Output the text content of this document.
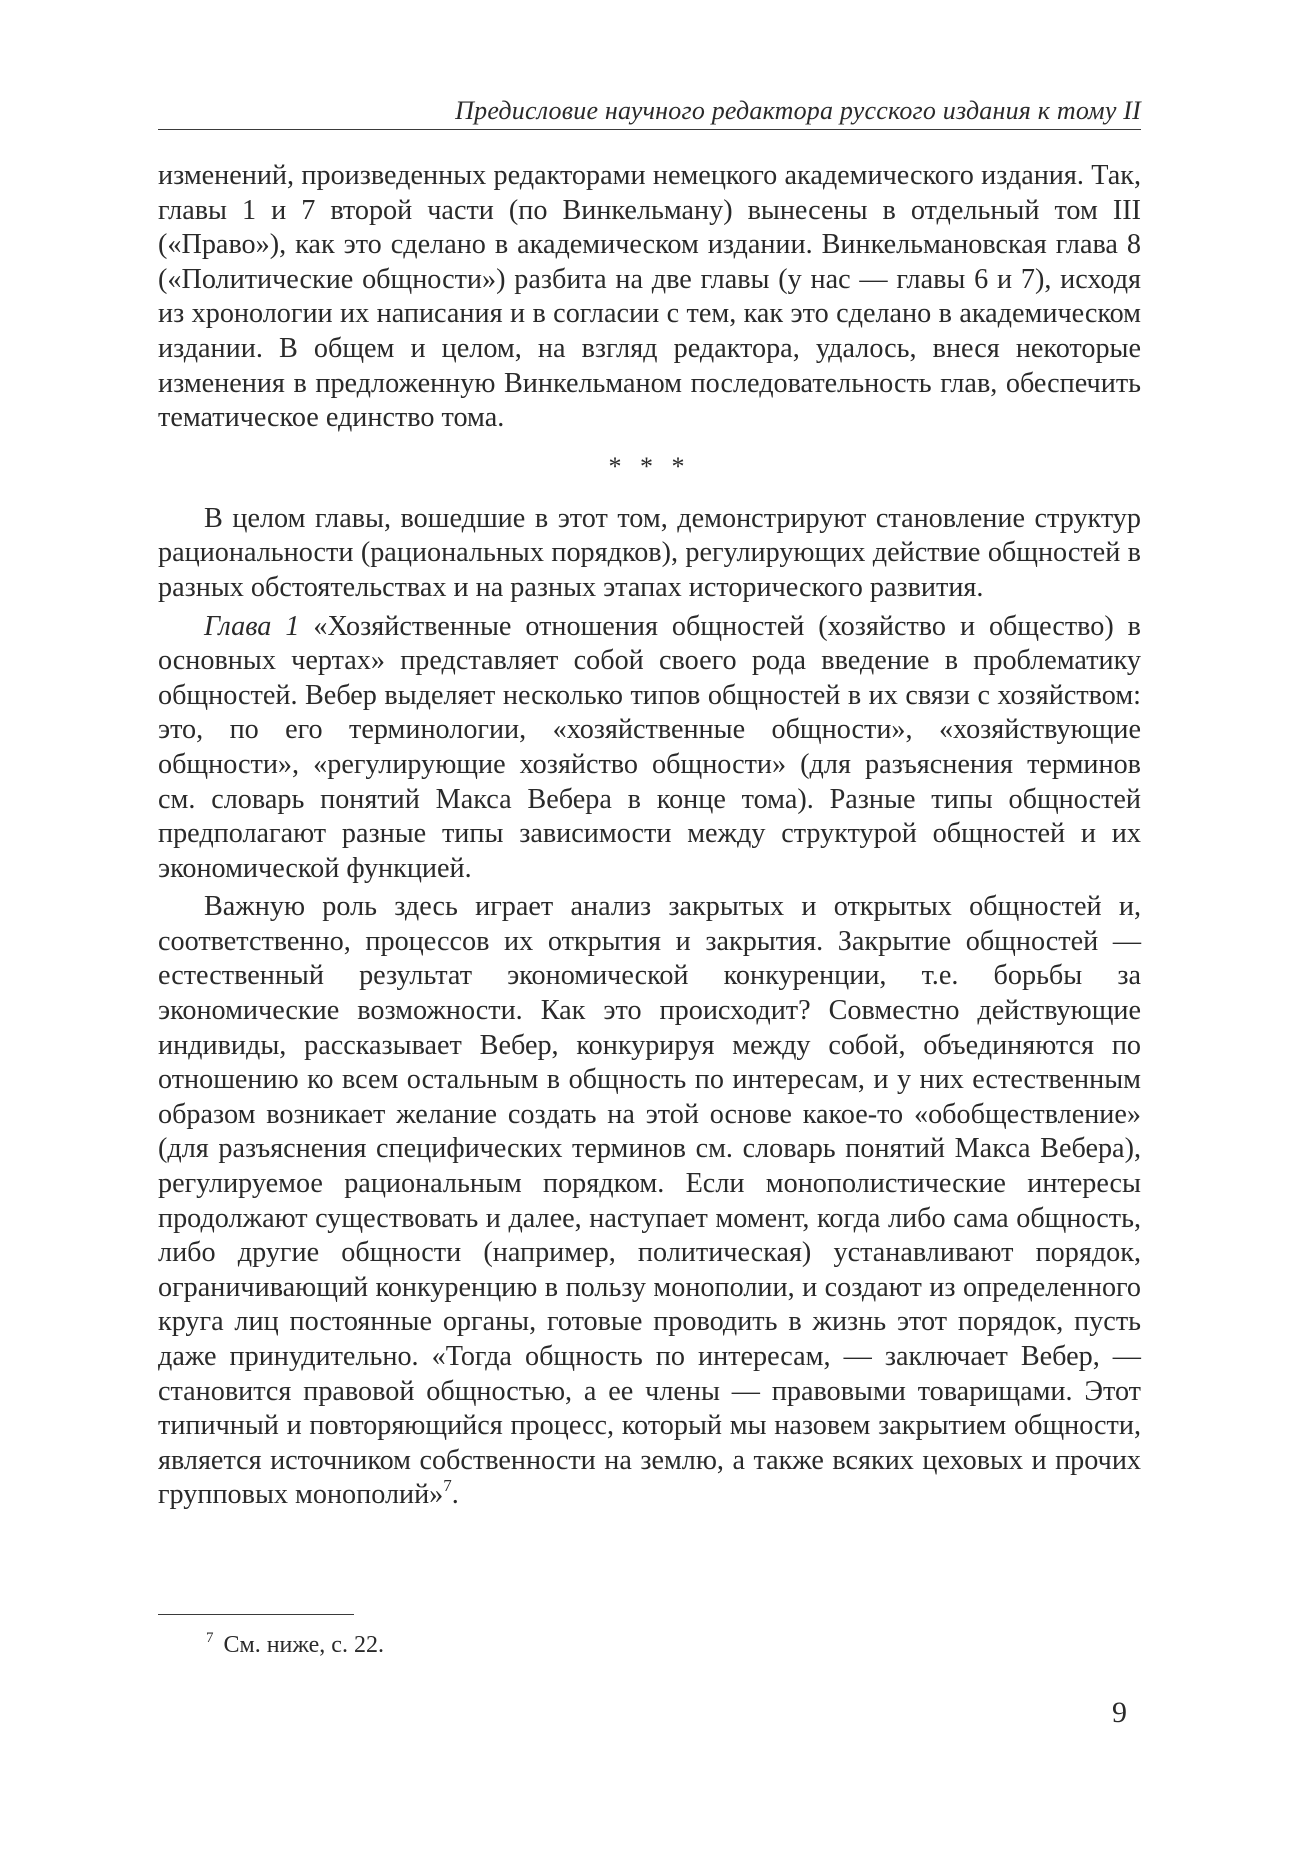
Предисловие научного редактора русского издания к тому II

изменений, произведенных редакторами немецкого академического издания. Так, главы 1 и 7 второй части (по Винкельману) вынесены в отдельный том III («Право»), как это сделано в академическом издании. Винкельмановская глава 8 («Политические общности») разбита на две главы (у нас — главы 6 и 7), исходя из хронологии их написания и в согласии с тем, как это сделано в академическом издании. В общем и целом, на взгляд редактора, удалось, внеся некоторые изменения в предложенную Винкельманом последовательность глав, обеспечить тематическое единство тома.

* * *

В целом главы, вошедшие в этот том, демонстрируют становление структур рациональности (рациональных порядков), регулирующих действие общностей в разных обстоятельствах и на разных этапах исторического развития.

Глава 1 «Хозяйственные отношения общностей (хозяйство и общество) в основных чертах» представляет собой своего рода введение в проблематику общностей. Вебер выделяет несколько типов общностей в их связи с хозяйством: это, по его терминологии, «хозяйственные общности», «хозяйствующие общности», «регулирующие хозяйство общности» (для разъяснения терминов см. словарь понятий Макса Вебера в конце тома). Разные типы общностей предполагают разные типы зависимости между структурой общностей и их экономической функцией.

Важную роль здесь играет анализ закрытых и открытых общностей и, соответственно, процессов их открытия и закрытия. Закрытие общностей — естественный результат экономической конкуренции, т.е. борьбы за экономические возможности. Как это происходит? Совместно действующие индивиды, рассказывает Вебер, конкурируя между собой, объединяются по отношению ко всем остальным в общность по интересам, и у них естественным образом возникает желание создать на этой основе какое-то «обобществление» (для разъяснения специфических терминов см. словарь понятий Макса Вебера), регулируемое рациональным порядком. Если монополистические интересы продолжают существовать и далее, наступает момент, когда либо сама общность, либо другие общности (например, политическая) устанавливают порядок, ограничивающий конкуренцию в пользу монополии, и создают из определенного круга лиц постоянные органы, готовые проводить в жизнь этот порядок, пусть даже принудительно. «Тогда общность по интересам, — заключает Вебер, — становится правовой общностью, а ее члены — правовыми товарищами. Этот типичный и повторяющийся процесс, который мы назовем закрытием общности, является источником собственности на землю, а также всяких цеховых и прочих групповых монополий»$^7$.

$^7$ См. ниже, с. 22.
9
